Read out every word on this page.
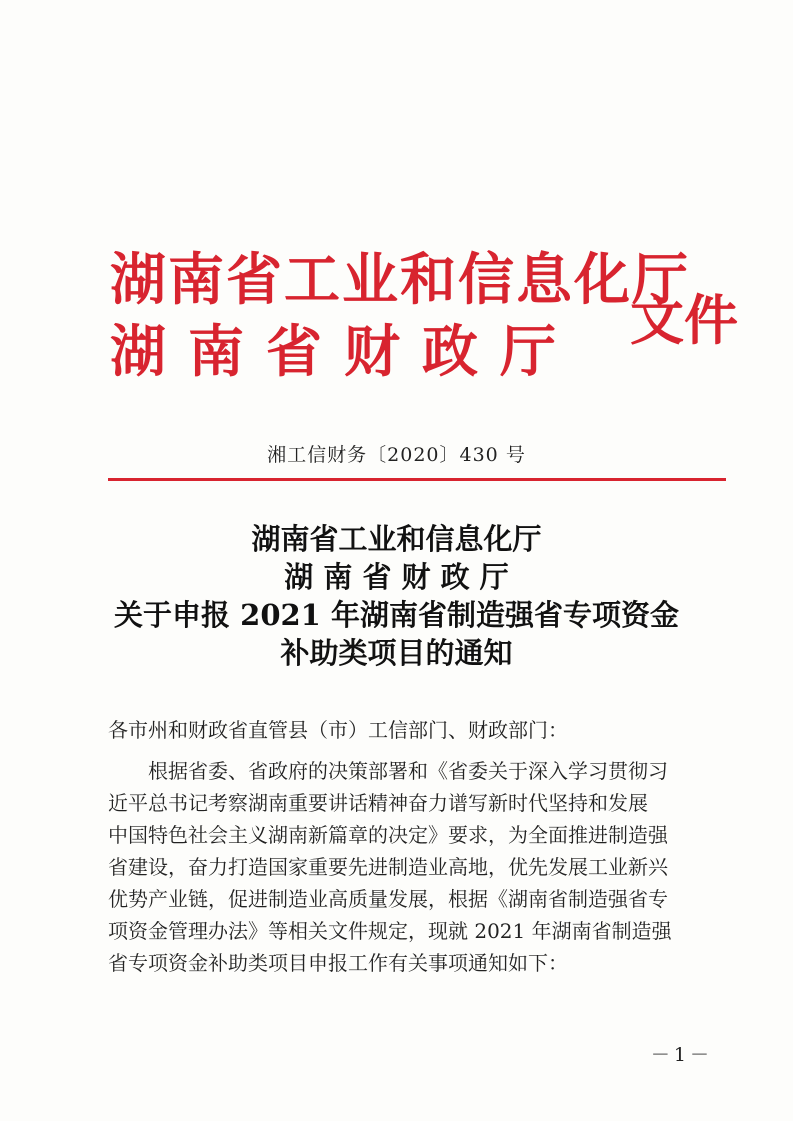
湖南省工业和信息化厅
湖 南 省 财 政 厅	文件
湘工信财务〔2020〕430 号
湖南省工业和信息化厅
湖 南 省 财 政 厅
关于申报 2021 年湖南省制造强省专项资金
补助类项目的通知
各市州和财政省直管县（市）工信部门、财政部门：
根据省委、省政府的决策部署和《省委关于深入学习贯彻习
近平总书记考察湖南重要讲话精神奋力谱写新时代坚持和发展
中国特色社会主义湖南新篇章的决定》要求，为全面推进制造强
省建设，奋力打造国家重要先进制造业高地，优先发展工业新兴
优势产业链，促进制造业高质量发展，根据《湖南省制造强省专
项资金管理办法》等相关文件规定，现就 2021 年湖南省制造强
省专项资金补助类项目申报工作有关事项通知如下：
－1－
